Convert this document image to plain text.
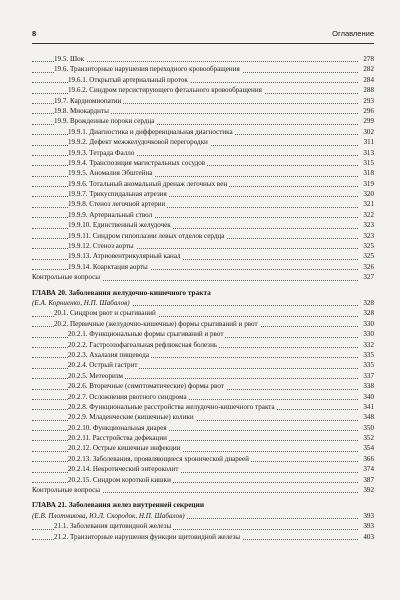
8	Оглавление
19.5. Шок	278
19.6. Транзиторные нарушения переходного кровообращения	282
19.6.1. Открытый артериальный проток	284
19.6.2. Синдром персистирующего фетального кровообращения	288
19.7. Кардиомиопатии	293
19.8. Миокардиты	296
19.9. Врожденные пороки сердца	299
19.9.1. Диагностика и дифференциальная диагностика	302
19.9.2. Дефект межжелудочковой перегородки	311
19.9.3. Тетрада Фалло	313
19.9.4. Транспозиция магистральных сосудов	315
19.9.5. Аномалия Эбштейна	318
19.9.6. Тотальный аномальный дренаж легочных вен	319
19.9.7. Трикуспидальная атрезия	320
19.9.8. Стеноз легочной артерии	321
19.9.9. Артериальный ствол	322
19.9.10. Единственный желудочек	323
19.9.11. Синдром гипоплазии левых отделов сердца	323
19.9.12. Стеноз аорты	325
19.9.13. Атриовентрикулярный канал	325
19.9.14. Коарктация аорты	326
Контрольные вопросы	327
ГЛАВА 20. Заболевания желудочно-кишечного тракта
(Е.А. Корниенко, Н.П. Шабалов)	328
20.1. Синдром рвот и срыгиваний	328
20.2. Первичные (желудочно-кишечные) формы срыгиваний и рвот	330
20.2.1. Функциональные формы срыгиваний и рвот	330
20.2.2. Гастроэзофагеальная рефлюксная болезнь	332
20.2.3. Ахалазия пищевода	335
20.2.4. Острый гастрит	335
20.2.5. Метеоризм	337
20.2.6. Вторичные (симптоматические) формы рвот	338
20.2.7. Осложнения рвотного синдрома	340
20.2.8. Функциональные расстройства желудочно-кишечного тракта	341
20.2.9. Младенческие (кишечные) колики	348
20.2.10. Функциональная диарея	350
20.2.11. Расстройства дефекации	352
20.2.12. Острые кишечные инфекции	354
20.2.13. Заболевания, проявляющиеся хронической диареей	366
20.2.14. Некротический энтероколит	374
20.2.15. Синдром короткой кишки	387
Контрольные вопросы	392
ГЛАВА 21. Заболевания желез внутренней секреции
(Е.В. Плотникова, Ю.Л. Скородок, Н.П. Шабалов)	393
21.1. Заболевания щитовидной железы	393
21.2. Транзиторные нарушения функции щитовидной железы	403
